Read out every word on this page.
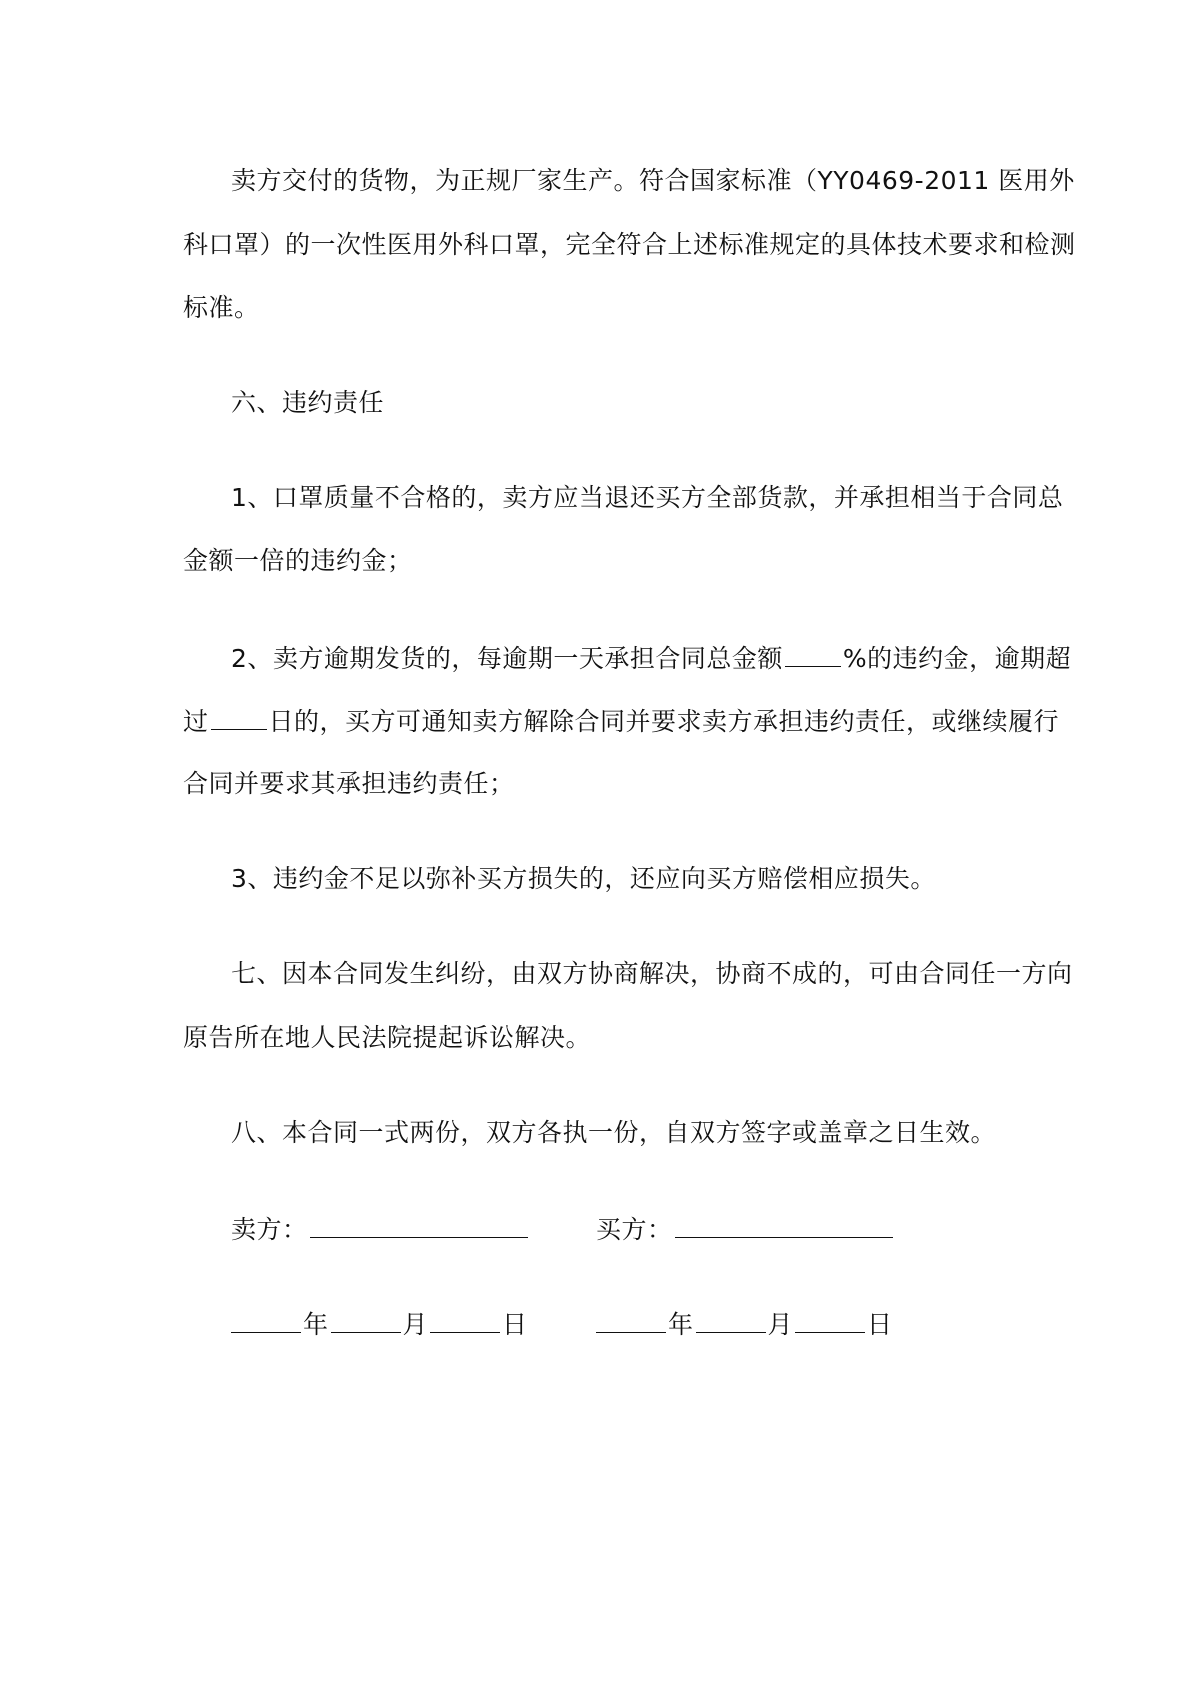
卖方交付的货物，为正规厂家生产。符合国家标准（YY0469-2011 医用外
科口罩）的一次性医用外科口罩，完全符合上述标准规定的具体技术要求和检测
标准。
六、违约责任
1、口罩质量不合格的，卖方应当退还买方全部货款，并承担相当于合同总
金额一倍的违约金；
2、卖方逾期发货的，每逾期一天承担合同总金额 %的违约金，逾期超
过 日的，买方可通知卖方解除合同并要求卖方承担违约责任，或继续履行
合同并要求其承担违约责任；
3、违约金不足以弥补买方损失的，还应向买方赔偿相应损失。
七、因本合同发生纠纷，由双方协商解决，协商不成的，可由合同任一方向
原告所在地人民法院提起诉讼解决。
八、本合同一式两份，双方各执一份，自双方签字或盖章之日生效。
卖方：	买方：
年	月	日	年	月	日
